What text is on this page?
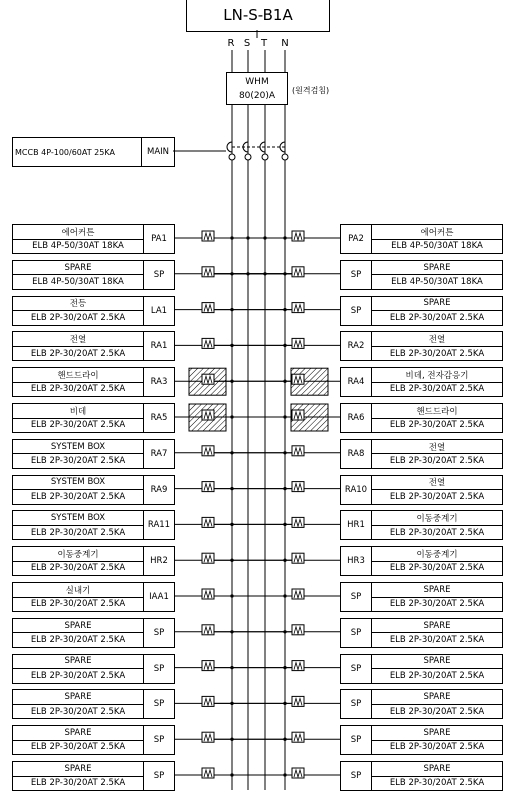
LN-S-B1A
R S T N
WHM
80(20)A
(원격검침)
MCCB 4P-100/60AT 25KA	MAIN
에어커튼
ELB 4P-50/30AT 18KA
PA1
SPARE
ELB 4P-50/30AT 18KA
SP
전등
ELB 2P-30/20AT 2.5KA
LA1
전열
ELB 2P-30/20AT 2.5KA
RA1
핸드드라이
ELB 2P-30/20AT 2.5KA
RA3
비데
ELB 2P-30/20AT 2.5KA
RA5
SYSTEM BOX
ELB 2P-30/20AT 2.5KA
RA7
SYSTEM BOX
ELB 2P-30/20AT 2.5KA
RA9
SYSTEM BOX
ELB 2P-30/20AT 2.5KA
RA11
이동중계기
ELB 2P-30/20AT 2.5KA
HR2
실내기
ELB 2P-30/20AT 2.5KA
IAA1
SPARE
ELB 2P-30/20AT 2.5KA
SP
SPARE
ELB 2P-30/20AT 2.5KA
SP
SPARE
ELB 2P-30/20AT 2.5KA
SP
SPARE
ELB 2P-30/20AT 2.5KA
SP
SPARE
ELB 2P-30/20AT 2.5KA
SP
PA2
에어커튼
ELB 4P-50/30AT 18KA
SP
SPARE
ELB 4P-50/30AT 18KA
SP
SPARE
ELB 2P-30/20AT 2.5KA
RA2
전열
ELB 2P-30/20AT 2.5KA
RA4
비데, 전자감응기
ELB 2P-30/20AT 2.5KA
RA6
핸드드라이
ELB 2P-30/20AT 2.5KA
RA8
전열
ELB 2P-30/20AT 2.5KA
RA10
전열
ELB 2P-30/20AT 2.5KA
HR1
이동중계기
ELB 2P-30/20AT 2.5KA
HR3
이동중계기
ELB 2P-30/20AT 2.5KA
SP
SPARE
ELB 2P-30/20AT 2.5KA
SP
SPARE
ELB 2P-30/20AT 2.5KA
SP
SPARE
ELB 2P-30/20AT 2.5KA
SP
SPARE
ELB 2P-30/20AT 2.5KA
SP
SPARE
ELB 2P-30/20AT 2.5KA
SP
SPARE
ELB 2P-30/20AT 2.5KA
